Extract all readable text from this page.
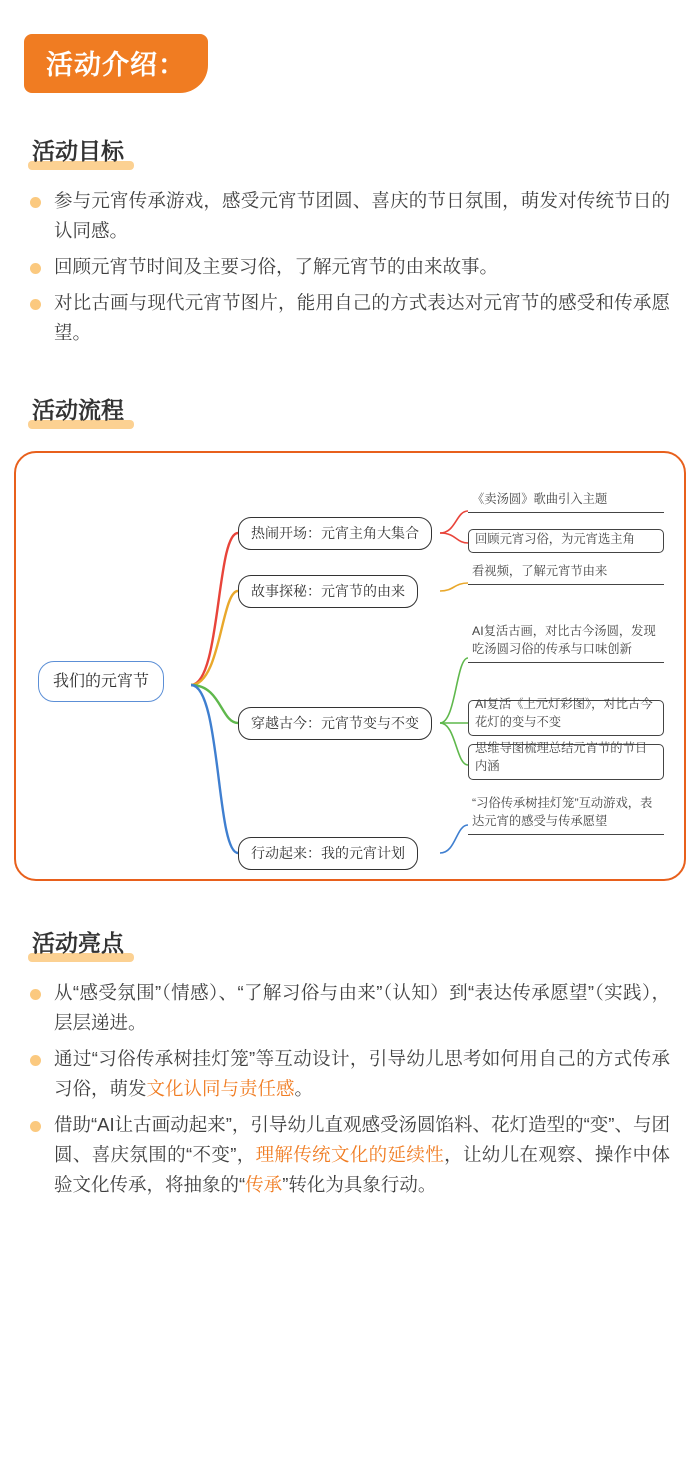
活动介绍：
活动目标
参与元宵传承游戏，感受元宵节团圆、喜庆的节日氛围，萌发对传统节日的认同感。
回顾元宵节时间及主要习俗，了解元宵节的由来故事。
对比古画与现代元宵节图片，能用自己的方式表达对元宵节的感受和传承愿望。
活动流程
我们的元宵节
热闹开场：元宵主角大集合
《卖汤圆》歌曲引入主题
回顾元宵习俗，为元宵选主角
故事探秘：元宵节的由来
看视频，了解元宵节由来
穿越古今：元宵节变与不变
AI复活古画，对比古今汤圆，发现吃汤圆习俗的传承与口味创新
AI复活《上元灯彩图》，对比古今花灯的变与不变
思维导图梳理总结元宵节的节日内涵
行动起来：我的元宵计划
“习俗传承树挂灯笼”互动游戏，表达元宵的感受与传承愿望
活动亮点
从“感受氛围”（情感）、“了解习俗与由来”（认知）到“表达传承愿望”（实践），层层递进。
通过“习俗传承树挂灯笼”等互动设计，引导幼儿思考如何用自己的方式传承习俗，萌发文化认同与责任感。
借助“AI让古画动起来”，引导幼儿直观感受汤圆馅料、花灯造型的“变”、与团圆、喜庆氛围的“不变”，理解传统文化的延续性，让幼儿在观察、操作中体验文化传承，将抽象的“传承”转化为具象行动。
